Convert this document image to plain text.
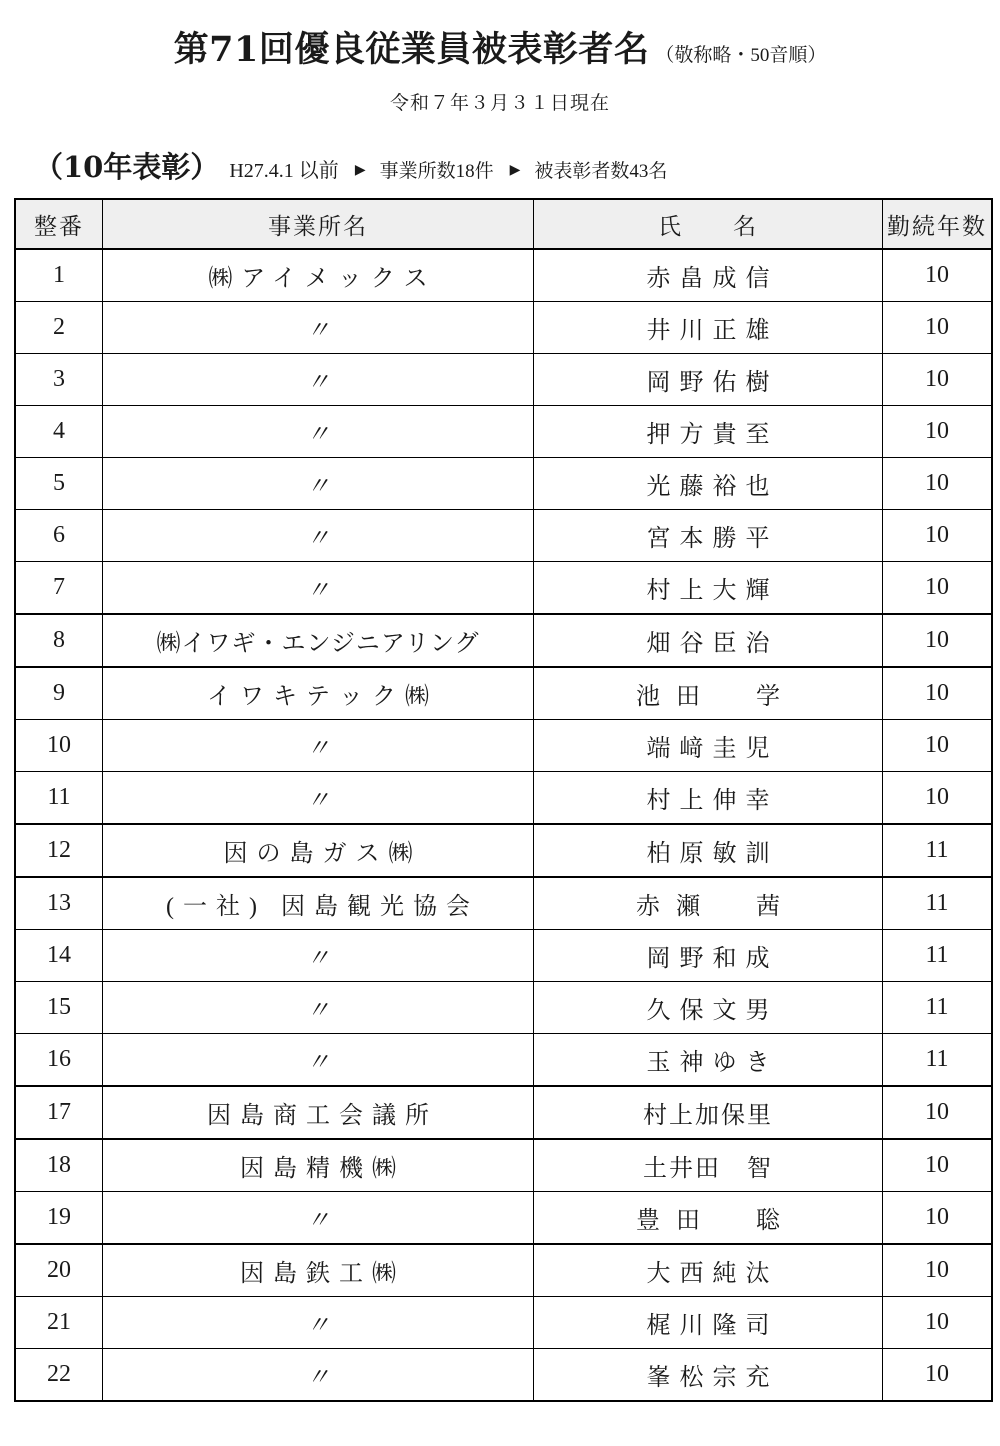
第71回優良従業員被表彰者名 （敬称略・50音順）
令和７年３月３１日現在
（10年表彰） H27.4.1 以前 ▶ 事業所数 18件 ▶ 被表彰者数 43名
整番	事業所名	氏　　名	勤続年数
1	㈱アイメックス	赤畠成信	10
2	〃	井川正雄	10
3	〃	岡野佑樹	10
4	〃	押方貴至	10
5	〃	光藤裕也	10
6	〃	宮本勝平	10
7	〃	村上大輝	10
8	㈱イワギ・エンジニアリング	畑谷臣治	10
9	イワキテック㈱	池田　学	10
10	〃	端﨑圭児	10
11	〃	村上伸幸	10
12	因の島ガス㈱	柏原敏訓	11
13	(一社) 因島観光協会	赤瀬　茜	11
14	〃	岡野和成	11
15	〃	久保文男	11
16	〃	玉神ゆき	11
17	因島商工会議所	村上加保里	10
18	因島精機㈱	土井田　智	10
19	〃	豊田　聡	10
20	因島鉄工㈱	大西純汰	10
21	〃	梶川隆司	10
22	〃	峯松宗充	10
